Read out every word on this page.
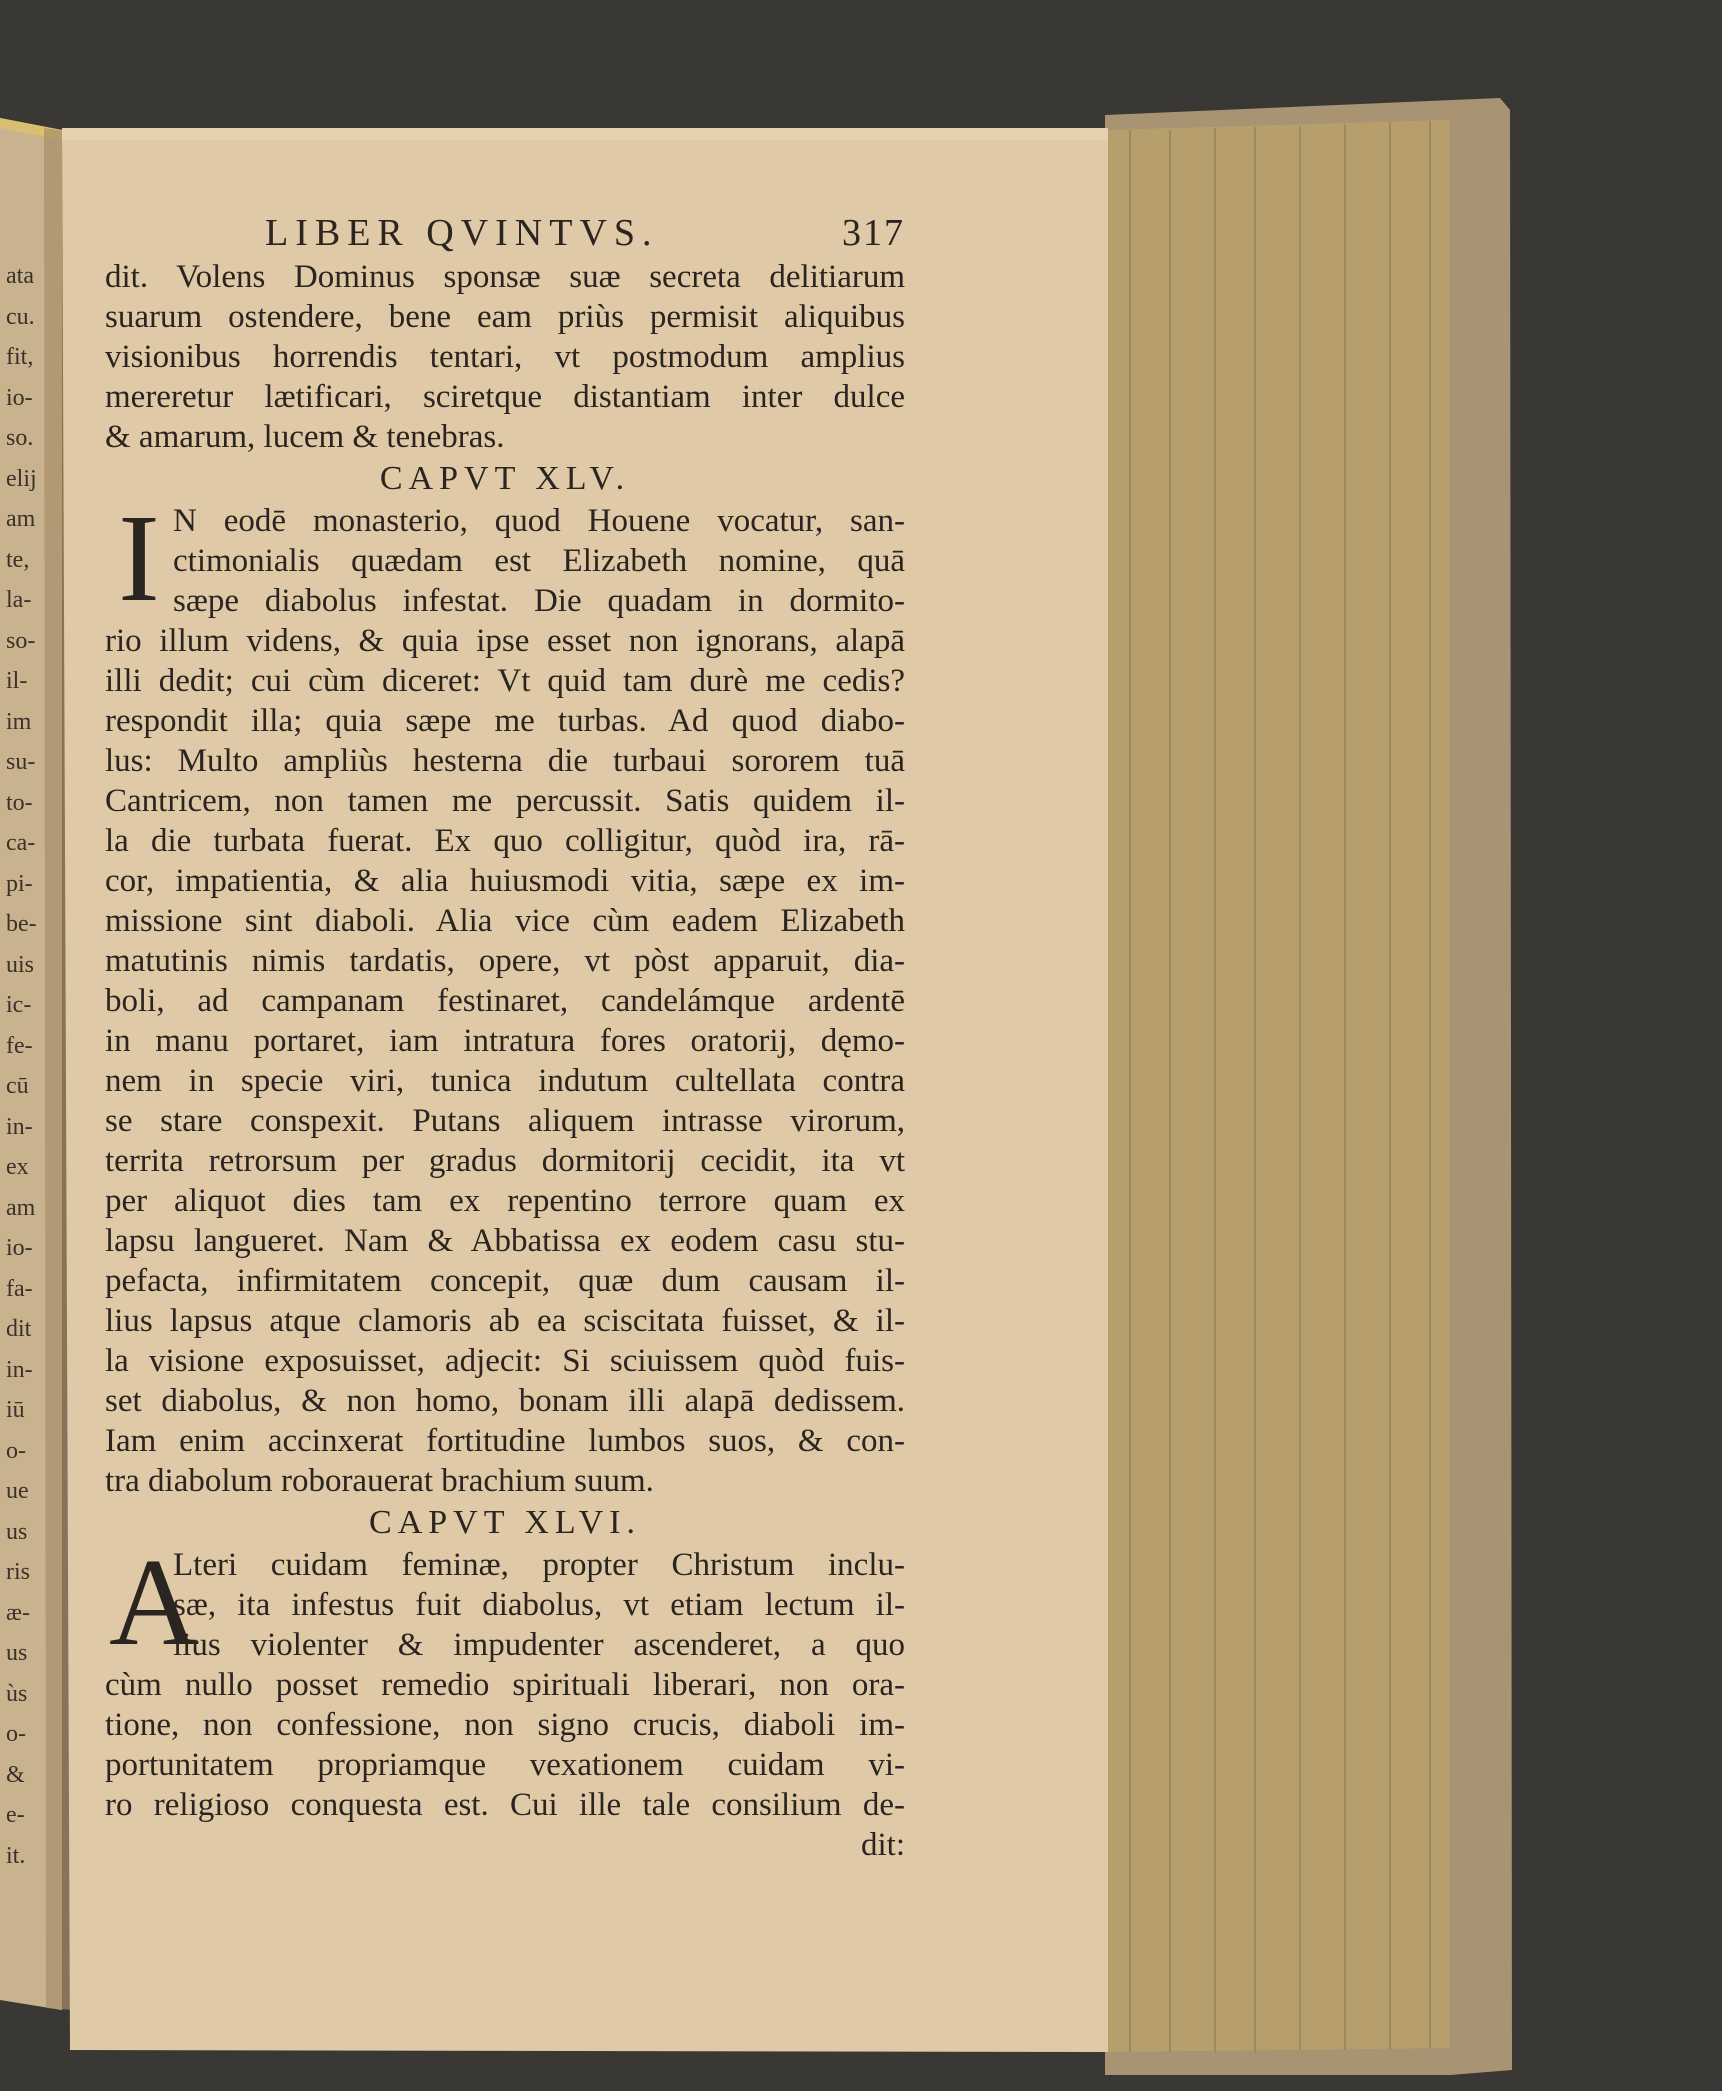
ata
cu.
fit,
io-
so.
elij
am
te,
la-
so-
il-
im
su-
to-
ca-
pi-
be-
uis
ic-
fe-
cū
in-
ex
am
io-
fa-
dit
in-
iū
o-
ue
us
ris
æ-
us
ùs
o-
&
e-
it.
LIBER QVINTVS.	317
dit. Volens Dominus sponsæ suæ secreta delitiarum
suarum ostendere, bene eam priùs permisit aliquibus
visionibus horrendis tentari, vt postmodum amplius
mereretur lætificari, sciretque distantiam inter dulce
& amarum, lucem & tenebras.
CAPVT XLV.
I N eodē monasterio, quod Houene vocatur, san-
ctimonialis quædam est Elizabeth nomine, quā
sæpe diabolus infestat. Die quadam in dormito-
rio illum videns, & quia ipse esset non ignorans, alapā
illi dedit; cui cùm diceret: Vt quid tam durè me cedis?
respondit illa; quia sæpe me turbas. Ad quod diabo-
lus: Multo ampliùs hesterna die turbaui sororem tuā
Cantricem, non tamen me percussit. Satis quidem il-
la die turbata fuerat. Ex quo colligitur, quòd ira, rā-
cor, impatientia, & alia huiusmodi vitia, sæpe ex im-
missione sint diaboli. Alia vice cùm eadem Elizabeth
matutinis nimis tardatis, opere, vt pòst apparuit, dia-
boli, ad campanam festinaret, candelámque ardentē
in manu portaret, iam intratura fores oratorij, dęmo-
nem in specie viri, tunica indutum cultellata contra
se stare conspexit. Putans aliquem intrasse virorum,
territa retrorsum per gradus dormitorij cecidit, ita vt
per aliquot dies tam ex repentino terrore quam ex
lapsu langueret. Nam & Abbatissa ex eodem casu stu-
pefacta, infirmitatem concepit, quæ dum causam il-
lius lapsus atque clamoris ab ea sciscitata fuisset, & il-
la visione exposuisset, adjecit: Si sciuissem quòd fuis-
set diabolus, & non homo, bonam illi alapā dedissem.
Iam enim accinxerat fortitudine lumbos suos, & con-
tra diabolum roborauerat brachium suum.
CAPVT XLVI.
A
Lteri cuidam feminæ, propter Christum inclu-
sæ, ita infestus fuit diabolus, vt etiam lectum il-
lius violenter & impudenter ascenderet, a quo
cùm nullo posset remedio spirituali liberari, non ora-
tione, non confessione, non signo crucis, diaboli im-
portunitatem propriamque vexationem cuidam vi-
ro religioso conquesta est. Cui ille tale consilium de-
dit:
